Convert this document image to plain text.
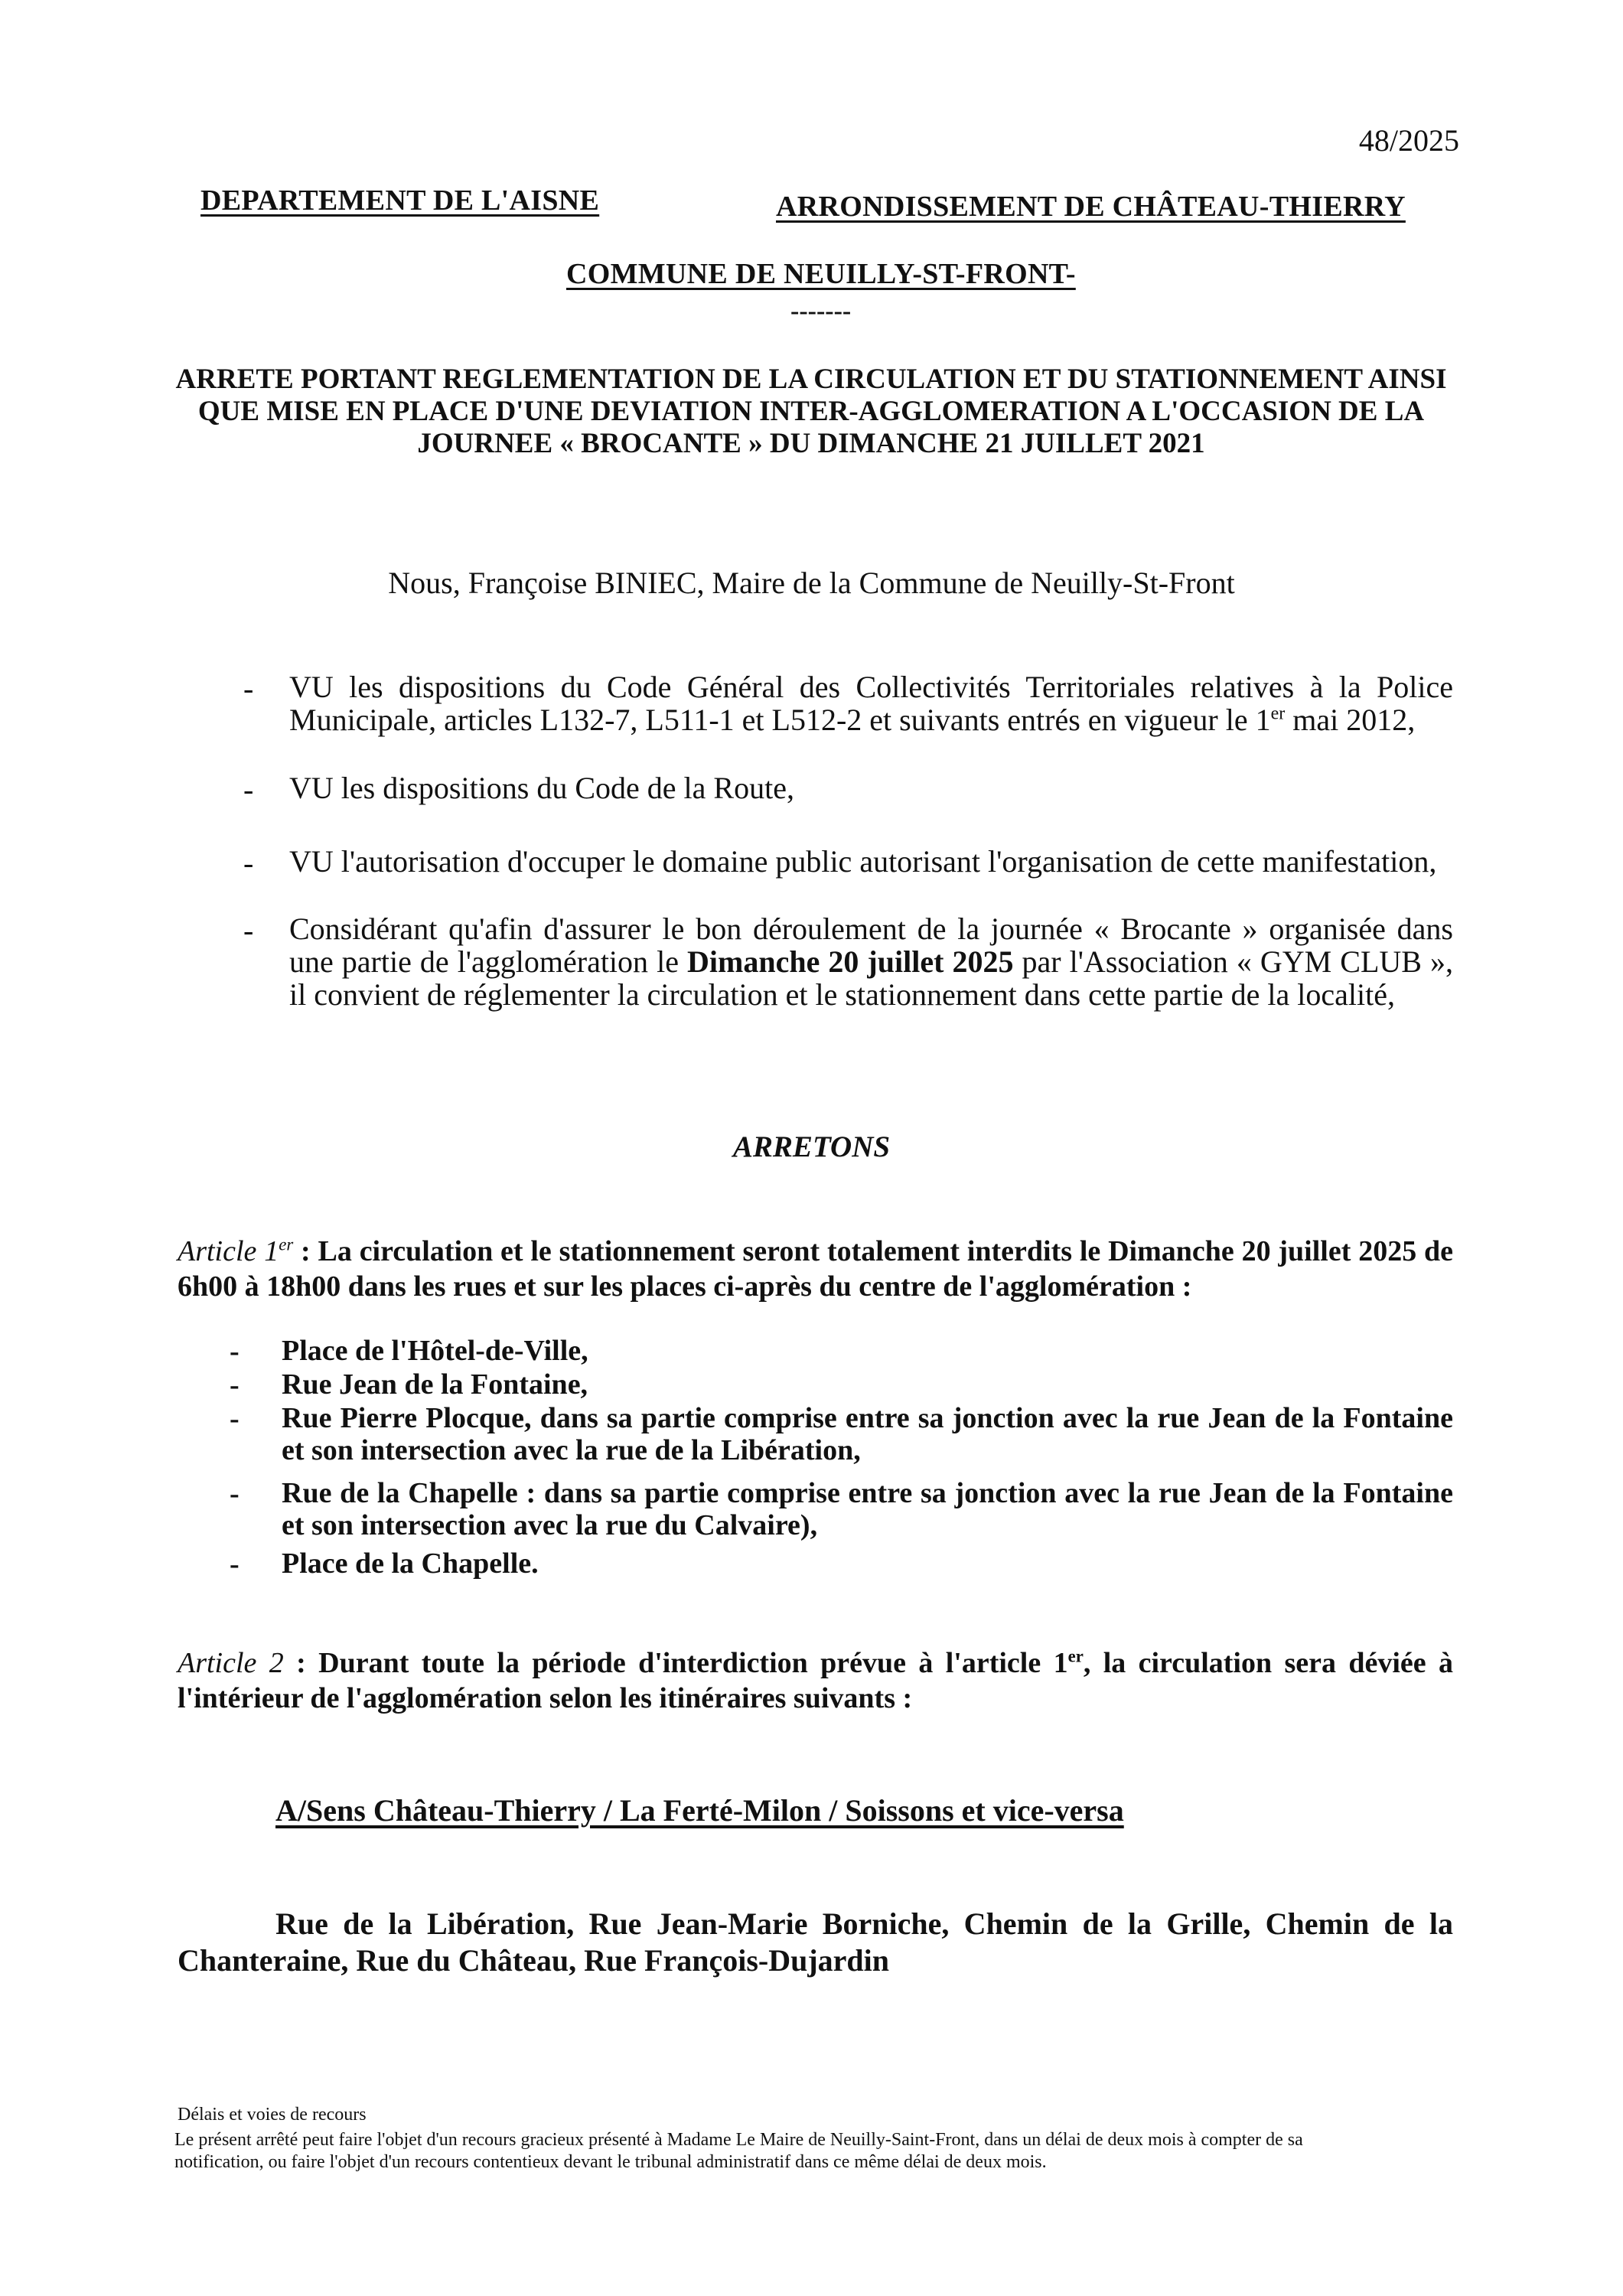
48/2025
DEPARTEMENT DE L'AISNE	ARRONDISSEMENT DE CHÂTEAU-THIERRY
COMMUNE DE NEUILLY-ST-FRONT-
-------
ARRETE PORTANT REGLEMENTATION DE LA CIRCULATION ET DU STATIONNEMENT AINSI
QUE MISE EN PLACE D'UNE DEVIATION INTER-AGGLOMERATION A L'OCCASION DE LA
JOURNEE « BROCANTE » DU DIMANCHE 21 JUILLET 2021
Nous, Françoise BINIEC, Maire de la Commune de Neuilly-St-Front
- VU les dispositions du Code Général des Collectivités Territoriales relatives à la Police Municipale, articles L132-7, L511-1 et L512-2 et suivants entrés en vigueur le 1er mai 2012,
- VU les dispositions du Code de la Route,
- VU l'autorisation d'occuper le domaine public autorisant l'organisation de cette manifestation,
- Considérant qu'afin d'assurer le bon déroulement de la journée « Brocante » organisée dans une partie de l'agglomération le Dimanche 20 juillet 2025 par l'Association « GYM CLUB », il convient de réglementer la circulation et le stationnement dans cette partie de la localité,
ARRETONS
Article 1er : La circulation et le stationnement seront totalement interdits le Dimanche 20 juillet 2025 de 6h00 à 18h00 dans les rues et sur les places ci-après du centre de l'agglomération :
- Place de l'Hôtel-de-Ville,
- Rue Jean de la Fontaine,
- Rue Pierre Plocque, dans sa partie comprise entre sa jonction avec la rue Jean de la Fontaine et son intersection avec la rue de la Libération,
- Rue de la Chapelle : dans sa partie comprise entre sa jonction avec la rue Jean de la Fontaine et son intersection avec la rue du Calvaire),
- Place de la Chapelle.
Article 2 : Durant toute la période d'interdiction prévue à l'article 1er, la circulation sera déviée à l'intérieur de l'agglomération selon les itinéraires suivants :
A/Sens Château-Thierry / La Ferté-Milon / Soissons et vice-versa
Rue de la Libération, Rue Jean-Marie Borniche, Chemin de la Grille, Chemin de la Chanteraine, Rue du Château, Rue François-Dujardin
Délais et voies de recours
Le présent arrêté peut faire l'objet d'un recours gracieux présenté à Madame Le Maire de Neuilly-Saint-Front, dans un délai de deux mois à compter de sa notification, ou faire l'objet d'un recours contentieux devant le tribunal administratif dans ce même délai de deux mois.
